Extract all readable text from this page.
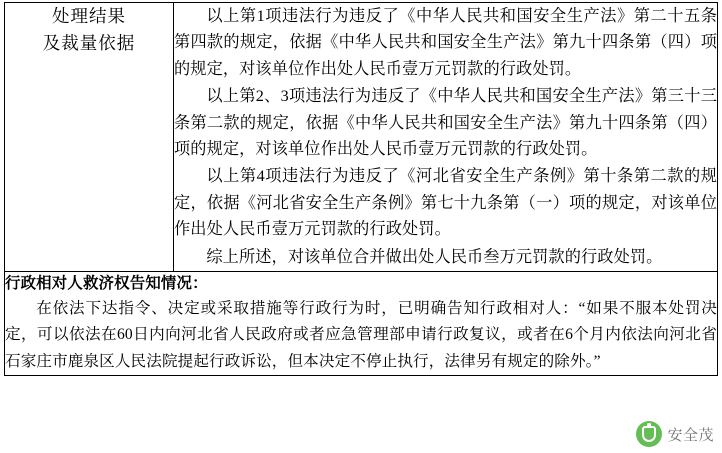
处理结果
及裁量依据

以上第1项违法行为违反了《中华人民共和国安全生产法》第二十五条第四款的规定，依据《中华人民共和国安全生产法》第九十四条第（四）项的规定，对该单位作出处人民币壹万元罚款的行政处罚。

以上第2、3项违法行为违反了《中华人民共和国安全生产法》第三十三条第二款的规定，依据《中华人民共和国安全生产法》第九十四条第（四）项的规定，对该单位作出处人民币壹万元罚款的行政处罚。

以上第4项违法行为违反了《河北省安全生产条例》第十条第二款的规定，依据《河北省安全生产条例》第七十九条第（一）项的规定，对该单位作出处人民币壹万元罚款的行政处罚。

综上所述，对该单位合并做出处人民币叁万元罚款的行政处罚。

行政相对人救济权告知情况：

在依法下达指令、决定或采取措施等行政行为时，已明确告知行政相对人：“如果不服本处罚决定，可以依法在60日内向河北省人民政府或者应急管理部申请行政复议，或者在6个月内依法向河北省石家庄市鹿泉区人民法院提起行政诉讼，但本决定不停止执行，法律另有规定的除外。”

安全茂
